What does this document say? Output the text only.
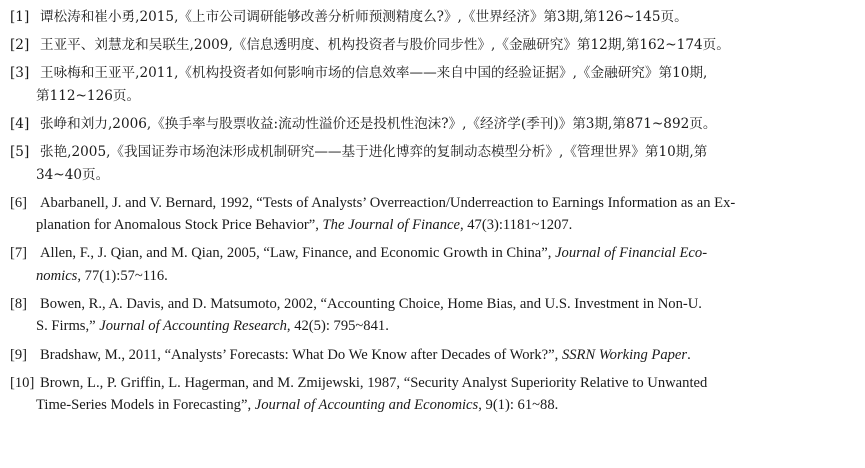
[1] 谭松涛和崔小勇,2015,《上市公司调研能够改善分析师预测精度么?》,《世界经济》第3期,第126~145页。
[2] 王亚平、刘慧龙和吴联生,2009,《信息透明度、机构投资者与股价同步性》,《金融研究》第12期,第162~174页。
[3] 王咏梅和王亚平,2011,《机构投资者如何影响市场的信息效率——来自中国的经验证据》,《金融研究》第10期,
第112~126页。
[4] 张峥和刘力,2006,《换手率与股票收益:流动性溢价还是投机性泡沫?》,《经济学(季刊)》第3期,第871~892页。
[5] 张艳,2005,《我国证券市场泡沫形成机制研究——基于进化博弈的复制动态模型分析》,《管理世界》第10期,第
34~40页。
[6] Abarbanell, J. and V. Bernard, 1992, “Tests of Analysts’ Overreaction/Underreaction to Earnings Information as an Ex-
planation for Anomalous Stock Price Behavior”, The Journal of Finance, 47(3):1181~1207.
[7] Allen, F., J. Qian, and M. Qian, 2005, “Law, Finance, and Economic Growth in China”, Journal of Financial Eco-
nomics, 77(1):57~116.
[8] Bowen, R., A. Davis, and D. Matsumoto, 2002, “Accounting Choice, Home Bias, and U.S. Investment in Non-U.
S. Firms,” Journal of Accounting Research, 42(5): 795~841.
[9] Bradshaw, M., 2011, “Analysts’ Forecasts: What Do We Know after Decades of Work?”, SSRN Working Paper.
[10] Brown, L., P. Griffin, L. Hagerman, and M. Zmijewski, 1987, “Security Analyst Superiority Relative to Unwanted
Time-Series Models in Forecasting”, Journal of Accounting and Economics, 9(1): 61~88.
